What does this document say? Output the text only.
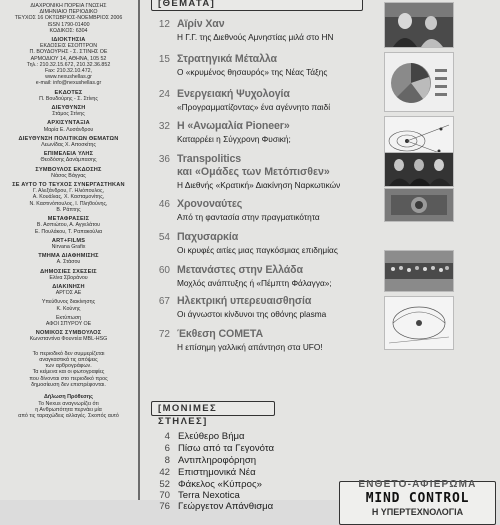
ΔΙΑΧΡΟΝΙΚΗ ΠΟΡΕΙΑ ΓΝΩΣΗΣ
ΔΙΜΗΝΙΑΙΟ ΠΕΡΙΟΔΙΚΟ
ΤΕΥΧΟΣ 16 ΟΚΤΩΒΡΙΟΣ-ΝΟΕΜΒΡΙΟΣ 2006
ISSN 1790-01400
ΚΩΔΙΚΟΣ: 6304
ΙΔΙΟΚΤΗΣΙΑ
ΕΚΔΟΣΕΙΣ ΕΣΟΠΤΡΟΝ
Π. ΒΟΥΔΟΥΡΗΣ - Σ. ΣΤΙΝΗΣ ΟΕ
ΑΡΜΟΔΙΟΥ 14, ΑΘΗΝΑ, 105 52
Τηλ.: 210.32.15.672, 210.32.36.852
Fax: 210.32.10.472,
www.nexushellas.gr
e-mail: info@nexushellas.gr
ΕΚΔΟΤΕΣ
Π. Βουδούρης - Σ. Στίνης
ΔΙΕΥΘΥΝΣΗ
Στάμος Στίνης
ΑΡΧΙΣΥΝΤΑΞΙΑ
Μαρία Ε. Λυσάνδρου
ΔΙΕΥΘΥΝΣΗ ΠΟΛΙΤΙΚΩΝ ΘΕΜΑΤΩΝ
Λεωνίδας Χ. Αποσκίτης
ΕΠΙΜΕΛΕΙΑ ΥΛΗΣ
Θεοδόσης Δανάμπασης
ΣΥΜΒΟΥΛΟΣ ΕΚΔΟΣΗΣ
Νάσος Βάγγας
ΣΕ ΑΥΤΟ ΤΟ ΤΕΥΧΟΣ ΣΥΝΕΡΓΑΣΤΗΚΑΝ
Γ. Αλεξάνδρου, Γ. Ηλιόπουλος,
Α. Κουάλιας, Χ. Κασταμονίτης,
Ν. Καστινόπουλος, Ι. Πληθούνης,
Β. Ράπτης
ΜΕΤΑΦΡΑΣΕΙΣ
Β. Ασπιώτου, Α. Αγγελάτου
Ε. Πουλάκου, Τ. Ραπακούλια
ART+FILMS
Nirvana Grafix
ΤΜΗΜΑ ΔΙΑΦΗΜΙΣΗΣ
Α. Στάσου
ΔΗΜΟΣΙΕΣ ΣΧΕΣΕΙΣ
Ελίνα Σβοράνου
ΔΙΑΚΙΝΗΣΗ
ΑΡΓΟΣ ΑΕ
Υπεύθυνος διακίνησης
Κ. Κούνης
Εκτύπωση
ΑΦΟΙ ΣΠΥΡΟΥ ΟΕ
ΝΟΜΙΚΟΣ ΣΥΜΒΟΥΛΟΣ
Κωνσταντίνα Φουντέα MBL-HSG
Το περιοδικό δεν συμμερίζεται
αναγκαστικά τις απόψεις
των αρθρογράφων.
Τα κείμενα και οι φωτογραφίες
που δίνονται στο περιοδικό προς
δημοσίευση δεν επιστρέφονται.
Δήλωση Πρόθεσης
Το Nexus αναγνωρίζει ότι
η Ανθρωπότητα περνάει μία
από τις ταραχώδεις αλλαγές. Σκοπός αυτό
[ΘΕΜΑΤΑ]
12 Αϊρίν Χαν
Η Γ.Γ. της Διεθνούς Αμνηστίας μιλά στο ΗΝ
15 Στρατηγικά Μέταλλα
Ο «κρυμένος θησαυρός» της Νέας Τάξης
24 Ενεργειακή Ψυχολογία
«Προγραμματίζοντας» ένα αγέννητο παιδί
32 Η «Ανωμαλία Pioneer»
Καταρρέει η Σύγχρονη Φυσική;
36 Transpolitics
και «Ομάδες των Μετόπισθεν»
Η Διεθνής «Κρατική» Διακίνηση Ναρκωτικών
46 Χρονοναύτες
Από τη φαντασία στην πραγματικότητα
54 Παχυσαρκία
Οι κρυφές αιτίες μιας παγκόσμιας επιδημίας
60 Μετανάστες στην Ελλάδα
Μοχλός ανάπτυξης ή «Πέμπτη Φάλαγγα»;
67 Ηλεκτρική υπερευαισθησία
Οι άγνωστοι κίνδυνοι της οθόνης plasma
72 Έκθεση COMETA
Η επίσημη γαλλική απάντηση στα UFO!
[ΜΟΝΙΜΕΣ ΣΤΗΛΕΣ]
4 Ελεύθερο Βήμα
6 Πίσω από τα Γεγονότα
8 Αντιπληροφόρηση
42 Επιστημονικά Νέα
52 Φάκελος «Κύπρος»
70 Terra Nexotica
76 Γεώργετον Απάνθισμα
ΕΝΘΕΤΟ-ΑΦΙΕΡΩΜΑ
MIND CONTROL
Η ΥΠΕΡΤΕΧΝΟΛΟΓΙΑ
